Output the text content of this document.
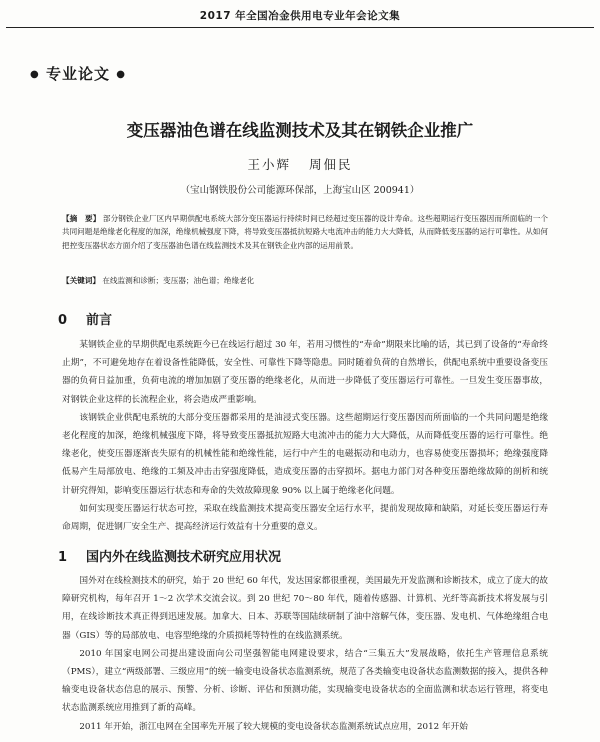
2017 年全国冶金供用电专业年会论文集
● 专业论文 ●
变压器油色谱在线监测技术及其在钢铁企业推广
王小辉 周佃民
（宝山钢铁股份公司能源环保部，上海宝山区 200941）
【摘　要】 部分钢铁企业厂区内早期供配电系统大部分变压器运行持续时间已经超过变压器的设计寿命。这些超期运行变压器因而所面临的一个共同问题是绝缘老化程度的加深，绝缘机械强度下降，将导致变压器抵抗短路大电流冲击的能力大大降低，从而降低变压器的运行可靠性。从如何把控变压器状态方面介绍了变压器油色谱在线监测技术及其在钢铁企业内部的运用前景。
【关键词】 在线监测和诊断；变压器；油色谱；绝缘老化
0 前言

某钢铁企业的早期供配电系统距今已在线运行超过 30 年，若用习惯性的“寿命”期限来比喻的话，其已到了设备的“寿命终止期”，不可避免地存在着设备性能降低，安全性、可靠性下降等隐患。同时随着负荷的自然增长，供配电系统中重要设备变压器的负荷日益加重，负荷电流的增加加剧了变压器的绝缘老化，从而进一步降低了变压器运行可靠性。一旦发生变压器事故，对钢铁企业这样的长流程企业，将会造成严重影响。

该钢铁企业供配电系统的大部分变压器都采用的是油浸式变压器。这些超期运行变压器因而所面临的一个共同问题是绝缘老化程度的加深，绝缘机械强度下降，将导致变压器抵抗短路大电流冲击的能力大大降低，从而降低变压器的运行可靠性。绝缘老化，使变压器逐渐丧失原有的机械性能和绝缘性能，运行中产生的电磁振动和电动力，也容易使变压器损坏；绝缘强度降低易产生局部放电、绝缘的工频及冲击击穿强度降低，造成变压器的击穿损坏。据电力部门对各种变压器绝缘故障的剖析和统计研究得知，影响变压器运行状态和寿命的失效故障现象 90% 以上属于绝缘老化问题。

如何实现变压器运行状态可控，采取在线监测技术提高变压器安全运行水平，提前发现故障和缺陷，对延长变压器运行寿命周期，促进钢厂安全生产、提高经济运行效益有十分重要的意义。

1 国内外在线监测技术研究应用状况

国外对在线检测技术的研究，始于 20 世纪 60 年代，发达国家都很重视，美国最先开发监测和诊断技术，成立了庞大的故障研究机构，每年召开 1～2 次学术交流会议。到 20 世纪 70～80 年代，随着传感器、计算机、光纤等高新技术将发展与引用，在线诊断技术真正得到迅速发展。加拿大、日本、苏联等国陆续研制了油中溶解气体，变压器、发电机、气体绝缘组合电器（GIS）等的局部放电、电容型绝缘的介质损耗等特性的在线监测系统。

2010 年国家电网公司提出建设面向公司坚强智能电网建设要求，结合“三集五大”发展战略，依托生产管理信息系统（PMS），建立“两级部署、三级应用”的统一输变电设备状态监测系统，规范了各类输变电设备状态监测数据的接入，提供各种输变电设备状态信息的展示、预警、分析、诊断、评估和预测功能，实现输变电设备状态的全面监测和状态运行管理，将变电状态监测系统应用推到了新的高峰。

2011 年开始，浙江电网在全国率先开展了较大规模的变电设备状态监测系统试点应用，2012 年开始
